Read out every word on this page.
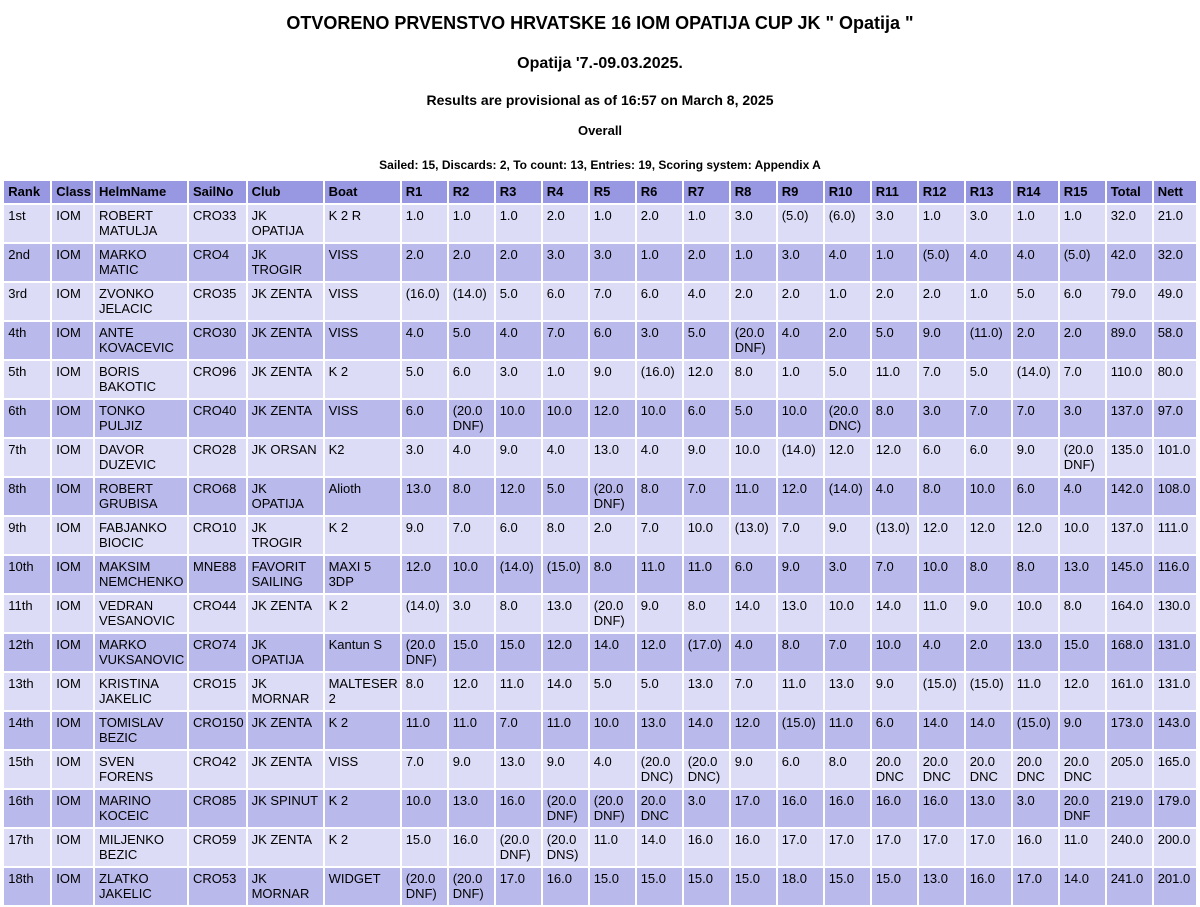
OTVORENO PRVENSTVO HRVATSKE 16 IOM OPATIJA CUP JK " Opatija "
Opatija '7.-09.03.2025.
Results are provisional as of 16:57 on March 8, 2025
Overall
Sailed: 15, Discards: 2, To count: 13, Entries: 19, Scoring system: Appendix A
Rank	Class	HelmName	SailNo	Club	Boat	R1	R2	R3	R4	R5	R6	R7	R8	R9	R10	R11	R12	R13	R14	R15	Total	Nett
1st	IOM	ROBERT MATULJA	CRO33	JK OPATIJA	K 2 R	1.0	1.0	1.0	2.0	1.0	2.0	1.0	3.0	(5.0)	(6.0)	3.0	1.0	3.0	1.0	1.0	32.0	21.0
2nd	IOM	MARKO MATIC	CRO4	JK TROGIR	VISS	2.0	2.0	2.0	3.0	3.0	1.0	2.0	1.0	3.0	4.0	1.0	(5.0)	4.0	4.0	(5.0)	42.0	32.0
3rd	IOM	ZVONKO JELACIC	CRO35	JK ZENTA	VISS	(16.0)	(14.0)	5.0	6.0	7.0	6.0	4.0	2.0	2.0	1.0	2.0	2.0	1.0	5.0	6.0	79.0	49.0
4th	IOM	ANTE KOVACEVIC	CRO30	JK ZENTA	VISS	4.0	5.0	4.0	7.0	6.0	3.0	5.0	(20.0 DNF)	4.0	2.0	5.0	9.0	(11.0)	2.0	2.0	89.0	58.0
5th	IOM	BORIS BAKOTIC	CRO96	JK ZENTA	K 2	5.0	6.0	3.0	1.0	9.0	(16.0)	12.0	8.0	1.0	5.0	11.0	7.0	5.0	(14.0)	7.0	110.0	80.0
6th	IOM	TONKO PULJIZ	CRO40	JK ZENTA	VISS	6.0	(20.0 DNF)	10.0	10.0	12.0	10.0	6.0	5.0	10.0	(20.0 DNC)	8.0	3.0	7.0	7.0	3.0	137.0	97.0
7th	IOM	DAVOR DUZEVIC	CRO28	JK ORSAN	K2	3.0	4.0	9.0	4.0	13.0	4.0	9.0	10.0	(14.0)	12.0	12.0	6.0	6.0	9.0	(20.0 DNF)	135.0	101.0
8th	IOM	ROBERT GRUBISA	CRO68	JK OPATIJA	Alioth	13.0	8.0	12.0	5.0	(20.0 DNF)	8.0	7.0	11.0	12.0	(14.0)	4.0	8.0	10.0	6.0	4.0	142.0	108.0
9th	IOM	FABJANKO BIOCIC	CRO10	JK TROGIR	K 2	9.0	7.0	6.0	8.0	2.0	7.0	10.0	(13.0)	7.0	9.0	(13.0)	12.0	12.0	12.0	10.0	137.0	111.0
10th	IOM	MAKSIM NEMCHENKO	MNE88	FAVORIT SAILING	MAXI 5 3DP	12.0	10.0	(14.0)	(15.0)	8.0	11.0	11.0	6.0	9.0	3.0	7.0	10.0	8.0	8.0	13.0	145.0	116.0
11th	IOM	VEDRAN VESANOVIC	CRO44	JK ZENTA	K 2	(14.0)	3.0	8.0	13.0	(20.0 DNF)	9.0	8.0	14.0	13.0	10.0	14.0	11.0	9.0	10.0	8.0	164.0	130.0
12th	IOM	MARKO VUKSANOVIC	CRO74	JK OPATIJA	Kantun S	(20.0 DNF)	15.0	15.0	12.0	14.0	12.0	(17.0)	4.0	8.0	7.0	10.0	4.0	2.0	13.0	15.0	168.0	131.0
13th	IOM	KRISTINA JAKELIC	CRO15	JK MORNAR	MALTESER 2	8.0	12.0	11.0	14.0	5.0	5.0	13.0	7.0	11.0	13.0	9.0	(15.0)	(15.0)	11.0	12.0	161.0	131.0
14th	IOM	TOMISLAV BEZIC	CRO150	JK ZENTA	K 2	11.0	11.0	7.0	11.0	10.0	13.0	14.0	12.0	(15.0)	11.0	6.0	14.0	14.0	(15.0)	9.0	173.0	143.0
15th	IOM	SVEN FORENS	CRO42	JK ZENTA	VISS	7.0	9.0	13.0	9.0	4.0	(20.0 DNC)	(20.0 DNC)	9.0	6.0	8.0	20.0 DNC	20.0 DNC	20.0 DNC	20.0 DNC	20.0 DNC	205.0	165.0
16th	IOM	MARINO KOCEIC	CRO85	JK SPINUT	K 2	10.0	13.0	16.0	(20.0 DNF)	(20.0 DNF)	20.0 DNC	3.0	17.0	16.0	16.0	16.0	16.0	13.0	3.0	20.0 DNF	219.0	179.0
17th	IOM	MILJENKO BEZIC	CRO59	JK ZENTA	K 2	15.0	16.0	(20.0 DNF)	(20.0 DNS)	11.0	14.0	16.0	16.0	17.0	17.0	17.0	17.0	17.0	16.0	11.0	240.0	200.0
18th	IOM	ZLATKO JAKELIC	CRO53	JK MORNAR	WIDGET	(20.0 DNF)	(20.0 DNF)	17.0	16.0	15.0	15.0	15.0	15.0	18.0	15.0	15.0	13.0	16.0	17.0	14.0	241.0	201.0
